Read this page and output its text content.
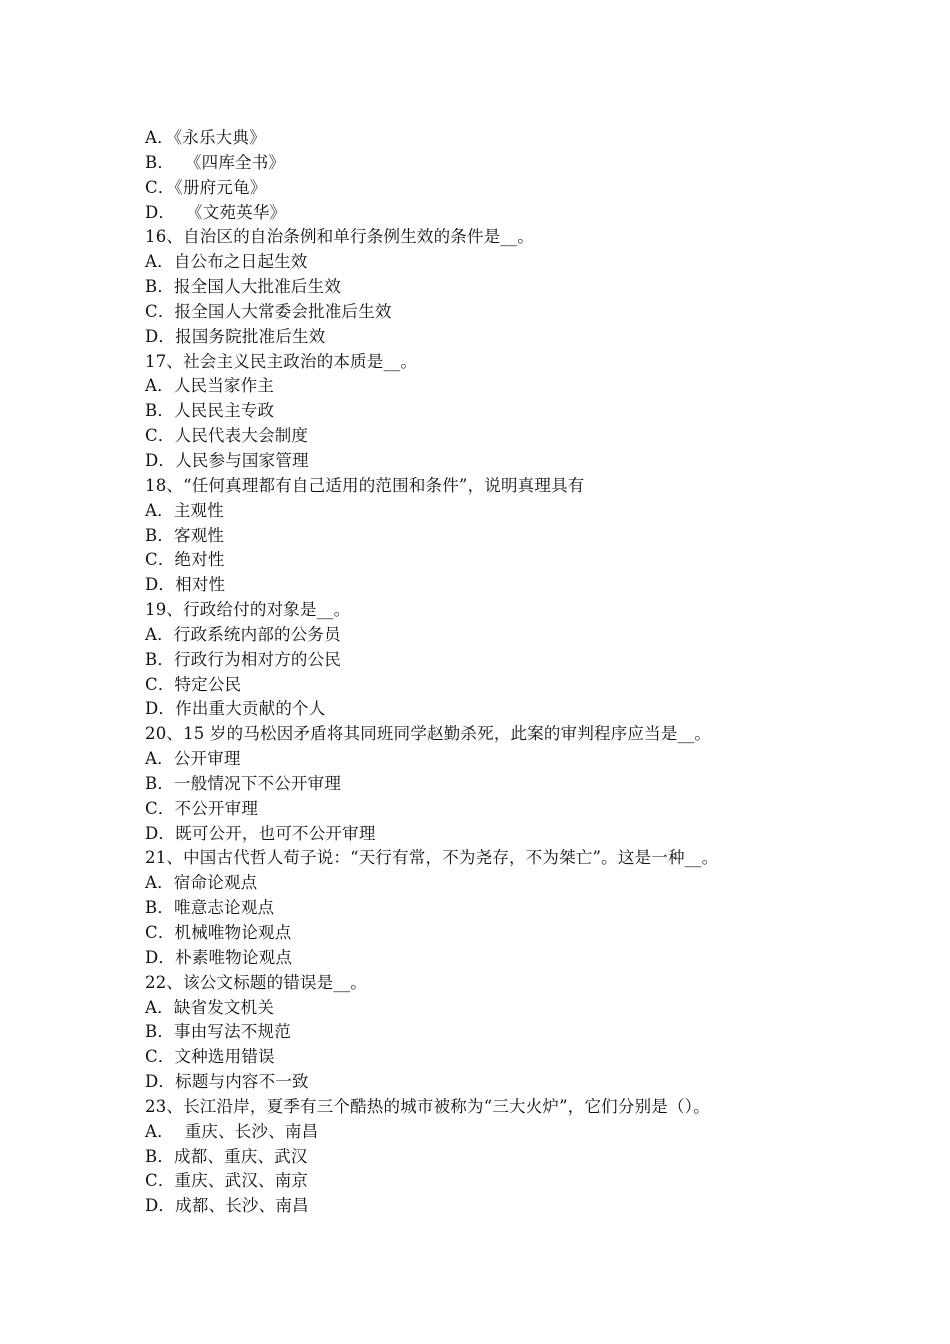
A．《永乐大典》
B．  《四库全书》
C．《册府元龟》
D．  《文苑英华》
16、自治区的自治条例和单行条例生效的条件是__。
A．自公布之日起生效
B．报全国人大批准后生效
C．报全国人大常委会批准后生效
D．报国务院批准后生效
17、社会主义民主政治的本质是__。
A．人民当家作主
B．人民民主专政
C．人民代表大会制度
D．人民参与国家管理
18、“任何真理都有自己适用的范围和条件”，说明真理具有
A．主观性
B．客观性
C．绝对性
D．相对性
19、行政给付的对象是__。
A．行政系统内部的公务员
B．行政行为相对方的公民
C．特定公民
D．作出重大贡献的个人
20、15 岁的马松因矛盾将其同班同学赵勤杀死，此案的审判程序应当是__。
A．公开审理
B．一般情况下不公开审理
C．不公开审理
D．既可公开，也可不公开审理
21、中国古代哲人荀子说：“天行有常，不为尧存，不为桀亡”。这是一种__。
A．宿命论观点
B．唯意志论观点
C．机械唯物论观点
D．朴素唯物论观点
22、该公文标题的错误是__。
A．缺省发文机关
B．事由写法不规范
C．文种选用错误
D．标题与内容不一致
23、长江沿岸，夏季有三个酷热的城市被称为“三大火炉”，它们分别是（）。
A．  重庆、长沙、南昌
B．成都、重庆、武汉
C．重庆、武汉、南京
D．成都、长沙、南昌
